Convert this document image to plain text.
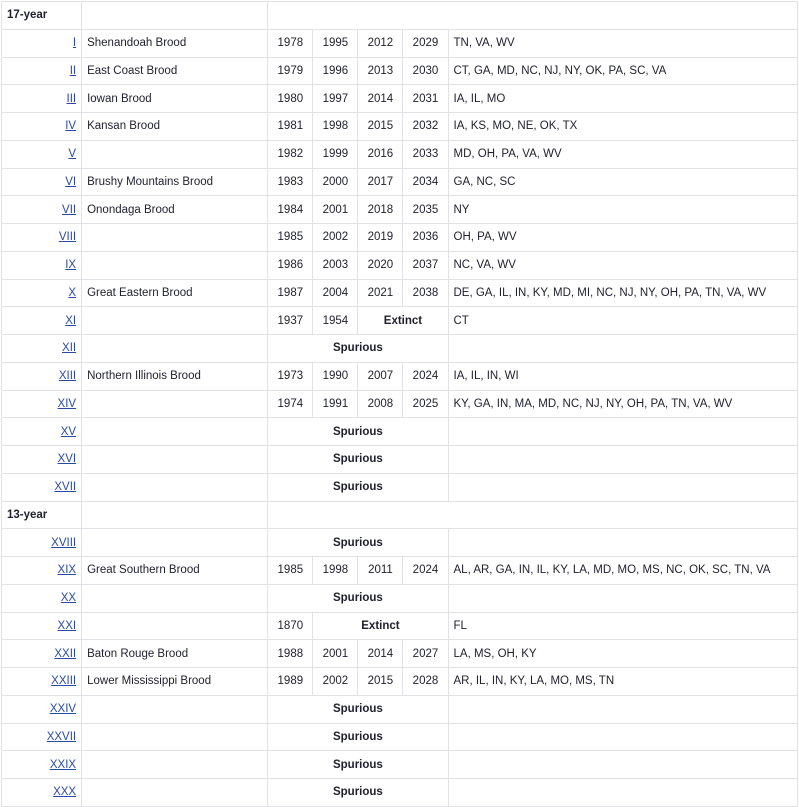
17-year						
I	Shenandoah Brood	1978	1995	2012	2029	TN, VA, WV
II	East Coast Brood	1979	1996	2013	2030	CT, GA, MD, NC, NJ, NY, OK, PA, SC, VA
III	Iowan Brood	1980	1997	2014	2031	IA, IL, MO
IV	Kansan Brood	1981	1998	2015	2032	IA, KS, MO, NE, OK, TX
V		1982	1999	2016	2033	MD, OH, PA, VA, WV
VI	Brushy Mountains Brood	1983	2000	2017	2034	GA, NC, SC
VII	Onondaga Brood	1984	2001	2018	2035	NY
VIII		1985	2002	2019	2036	OH, PA, WV
IX		1986	2003	2020	2037	NC, VA, WV
X	Great Eastern Brood	1987	2004	2021	2038	DE, GA, IL, IN, KY, MD, MI, NC, NJ, NY, OH, PA, TN, VA, WV
XI		1937	1954	Extinct		CT
XII		Spurious				
XIII	Northern Illinois Brood	1973	1990	2007	2024	IA, IL, IN, WI
XIV		1974	1991	2008	2025	KY, GA, IN, MA, MD, NC, NJ, NY, OH, PA, TN, VA, WV
XV		Spurious				
XVI		Spurious				
XVII		Spurious				
13-year						
XVIII		Spurious				
XIX	Great Southern Brood	1985	1998	2011	2024	AL, AR, GA, IN, IL, KY, LA, MD, MO, MS, NC, OK, SC, TN, VA
XX		Spurious				
XXI		1870	Extinct			FL
XXII	Baton Rouge Brood	1988	2001	2014	2027	LA, MS, OH, KY
XXIII	Lower Mississippi Brood	1989	2002	2015	2028	AR, IL, IN, KY, LA, MO, MS, TN
XXIV		Spurious				
XXVII		Spurious				
XXIX		Spurious				
XXX		Spurious				
